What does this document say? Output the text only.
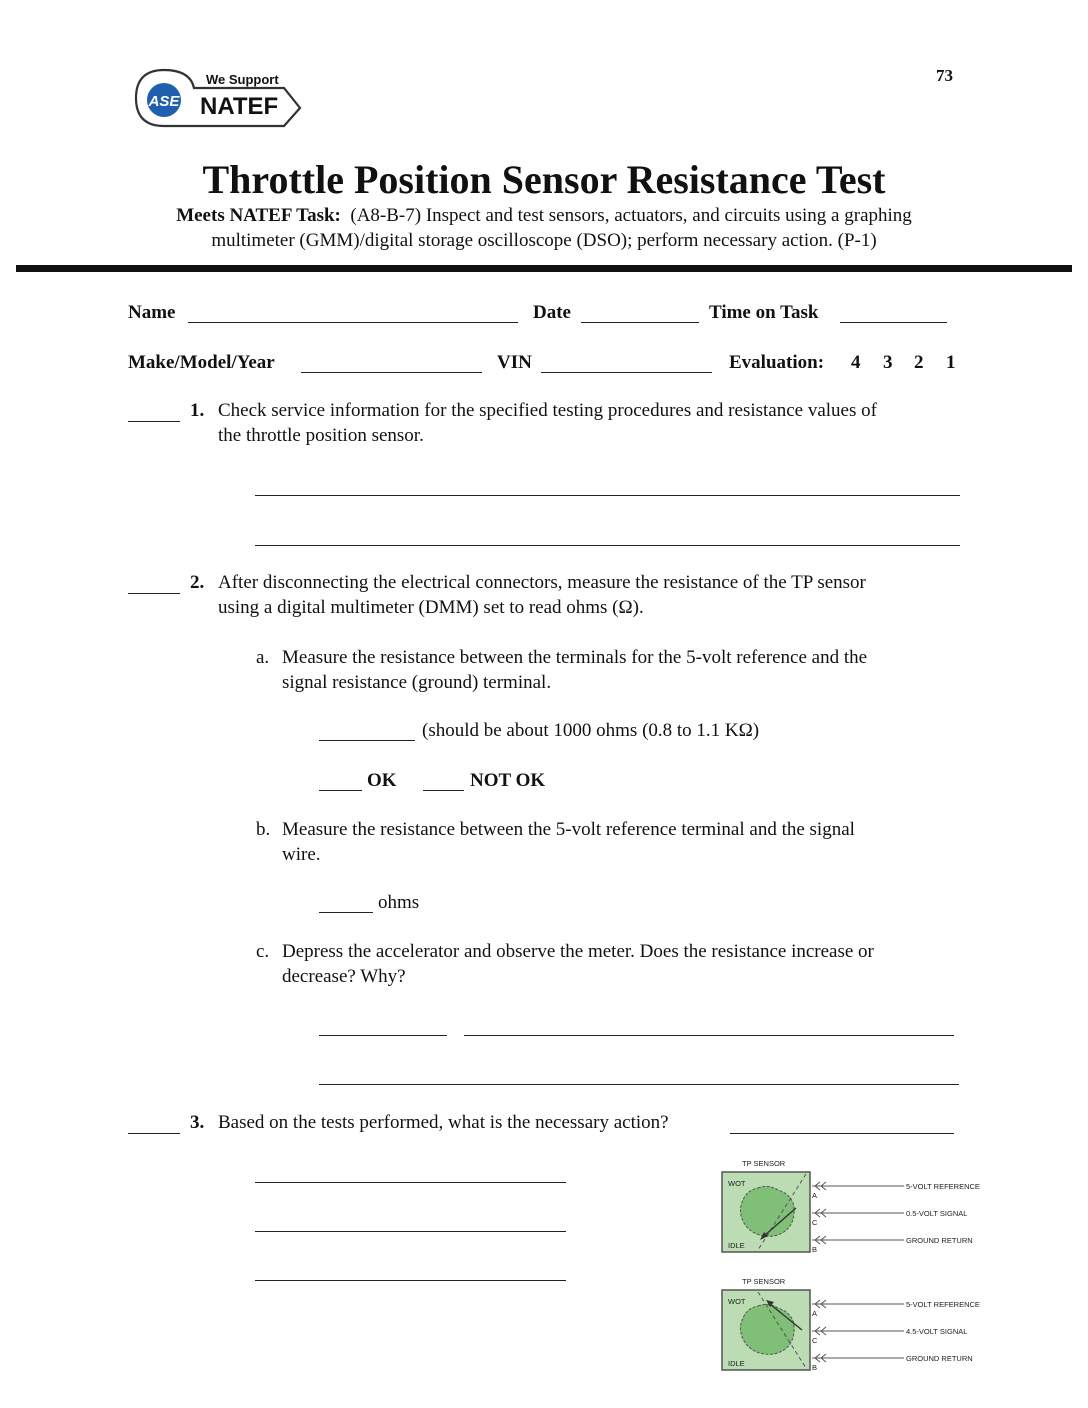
ASE
We Support
NATEF
73
Throttle Position Sensor Resistance Test
Meets NATEF Task: (A8-B-7) Inspect and test sensors, actuators, and circuits using a graphing
multimeter (GMM)/digital storage oscilloscope (DSO); perform necessary action. (P-1)
Name	Date	Time on Task
Make/Model/Year	VIN	Evaluation: 4 3 2 1
1. Check service information for the specified testing procedures and resistance values of
the throttle position sensor.
2. After disconnecting the electrical connectors, measure the resistance of the TP sensor
using a digital multimeter (DMM) set to read ohms (Ω).
a. Measure the resistance between the terminals for the 5-volt reference and the
signal resistance (ground) terminal.
(should be about 1000 ohms (0.8 to 1.1 KΩ)
OK	NOT OK
b. Measure the resistance between the 5-volt reference terminal and the signal
wire.
ohms
c. Depress the accelerator and observe the meter. Does the resistance increase or
decrease? Why?
3. Based on the tests performed, what is the necessary action?
TP SENSOR
WOT
IDLE
A
C
B
5-VOLT REFERENCE
0.5-VOLT SIGNAL
GROUND RETURN
TP SENSOR
WOT
IDLE
A
C
B
5-VOLT REFERENCE
4.5-VOLT SIGNAL
GROUND RETURN
